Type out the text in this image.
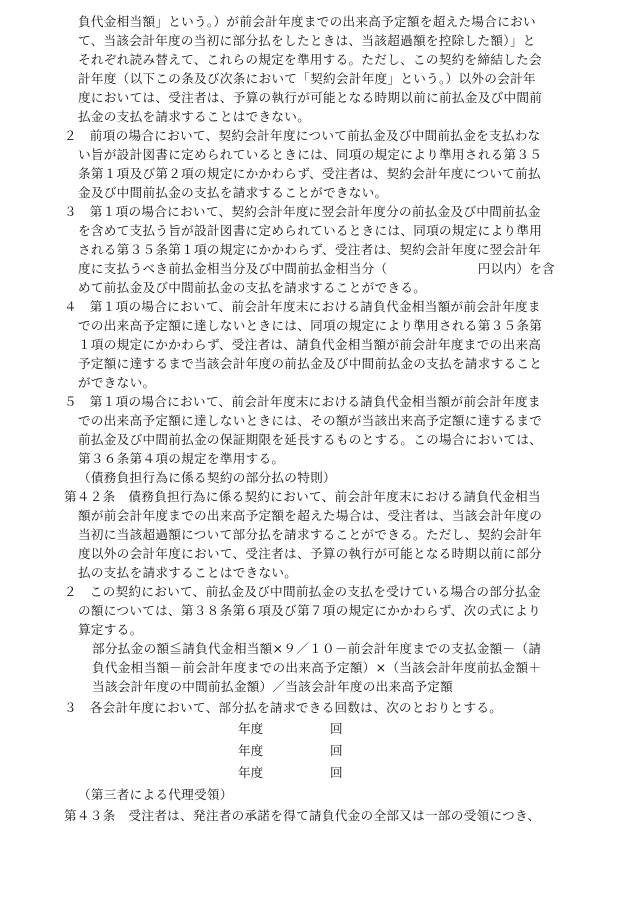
負代金相当額」という。）が前会計年度までの出来高予定額を超えた場合におい
て、当該会計年度の当初に部分払をしたときは、当該超過額を控除した額）」と
それぞれ読み替えて、これらの規定を準用する。ただし、この契約を締結した会
計年度（以下この条及び次条において「契約会計年度」という。）以外の会計年
度においては、受注者は、予算の執行が可能となる時期以前に前払金及び中間前
払金の支払を請求することはできない。
２　前項の場合において、契約会計年度について前払金及び中間前払金を支払わな
い旨が設計図書に定められているときには、同項の規定により準用される第３５
条第１項及び第２項の規定にかかわらず、受注者は、契約会計年度について前払
金及び中間前払金の支払を請求することができない。
３　第１項の場合において、契約会計年度に翌会計年度分の前払金及び中間前払金
を含めて支払う旨が設計図書に定められているときには、同項の規定により準用
される第３５条第１項の規定にかかわらず、受注者は、契約会計年度に翌会計年
度に支払うべき前払金相当分及び中間前払金相当分（　　　　　　　円以内）を含
めて前払金及び中間前払金の支払を請求することができる。
４　第１項の場合において、前会計年度末における請負代金相当額が前会計年度ま
での出来高予定額に達しないときには、同項の規定により準用される第３５条第
１項の規定にかかわらず、受注者は、請負代金相当額が前会計年度までの出来高
予定額に達するまで当該会計年度の前払金及び中間前払金の支払を請求すること
ができない。
５　第１項の場合において、前会計年度末における請負代金相当額が前会計年度ま
での出来高予定額に達しないときには、その額が当該出来高予定額に達するまで
前払金及び中間前払金の保証期限を延長するものとする。この場合においては、
第３６条第４項の規定を準用する。
（債務負担行為に係る契約の部分払の特則）
第４２条　債務負担行為に係る契約において、前会計年度末における請負代金相当
額が前会計年度までの出来高予定額を超えた場合は、受注者は、当該会計年度の
当初に当該超過額について部分払を請求することができる。ただし、契約会計年
度以外の会計年度において、受注者は、予算の執行が可能となる時期以前に部分
払の支払を請求することはできない。
２　この契約において、前払金及び中間前払金の支払を受けている場合の部分払金
の額については、第３８条第６項及び第７項の規定にかかわらず、次の式により
算定する。
部分払金の額≦請負代金相当額×９／１０－前会計年度までの支払金額－（請
負代金相当額－前会計年度までの出来高予定額）×（当該会計年度前払金額＋
当該会計年度の中間前払金額）／当該会計年度の出来高予定額
３　各会計年度において、部分払を請求できる回数は、次のとおりとする。
年度	回
年度	回
年度	回
（第三者による代理受領）
第４３条　受注者は、発注者の承諾を得て請負代金の全部又は一部の受領につき、
